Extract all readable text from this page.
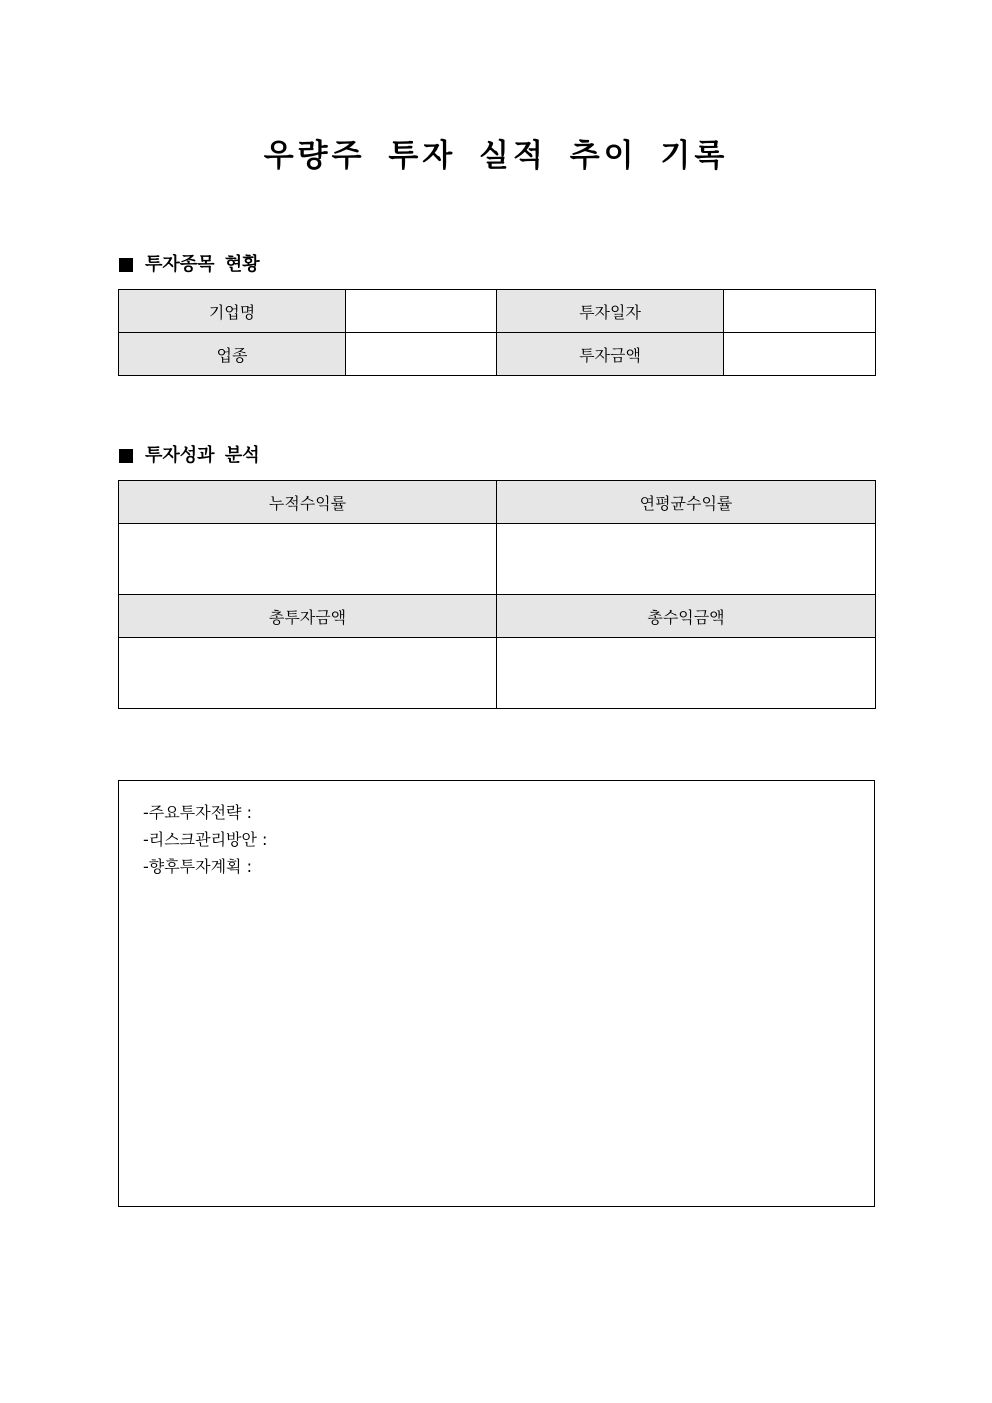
우량주 투자 실적 추이 기록
투자종목 현황
기업명		투자일자	
업종		투자금액	
투자성과 분석
누적수익률	연평균수익률

총투자금액	총수익금액

-주요투자전략 :
-리스크관리방안 :
-향후투자계획 :
